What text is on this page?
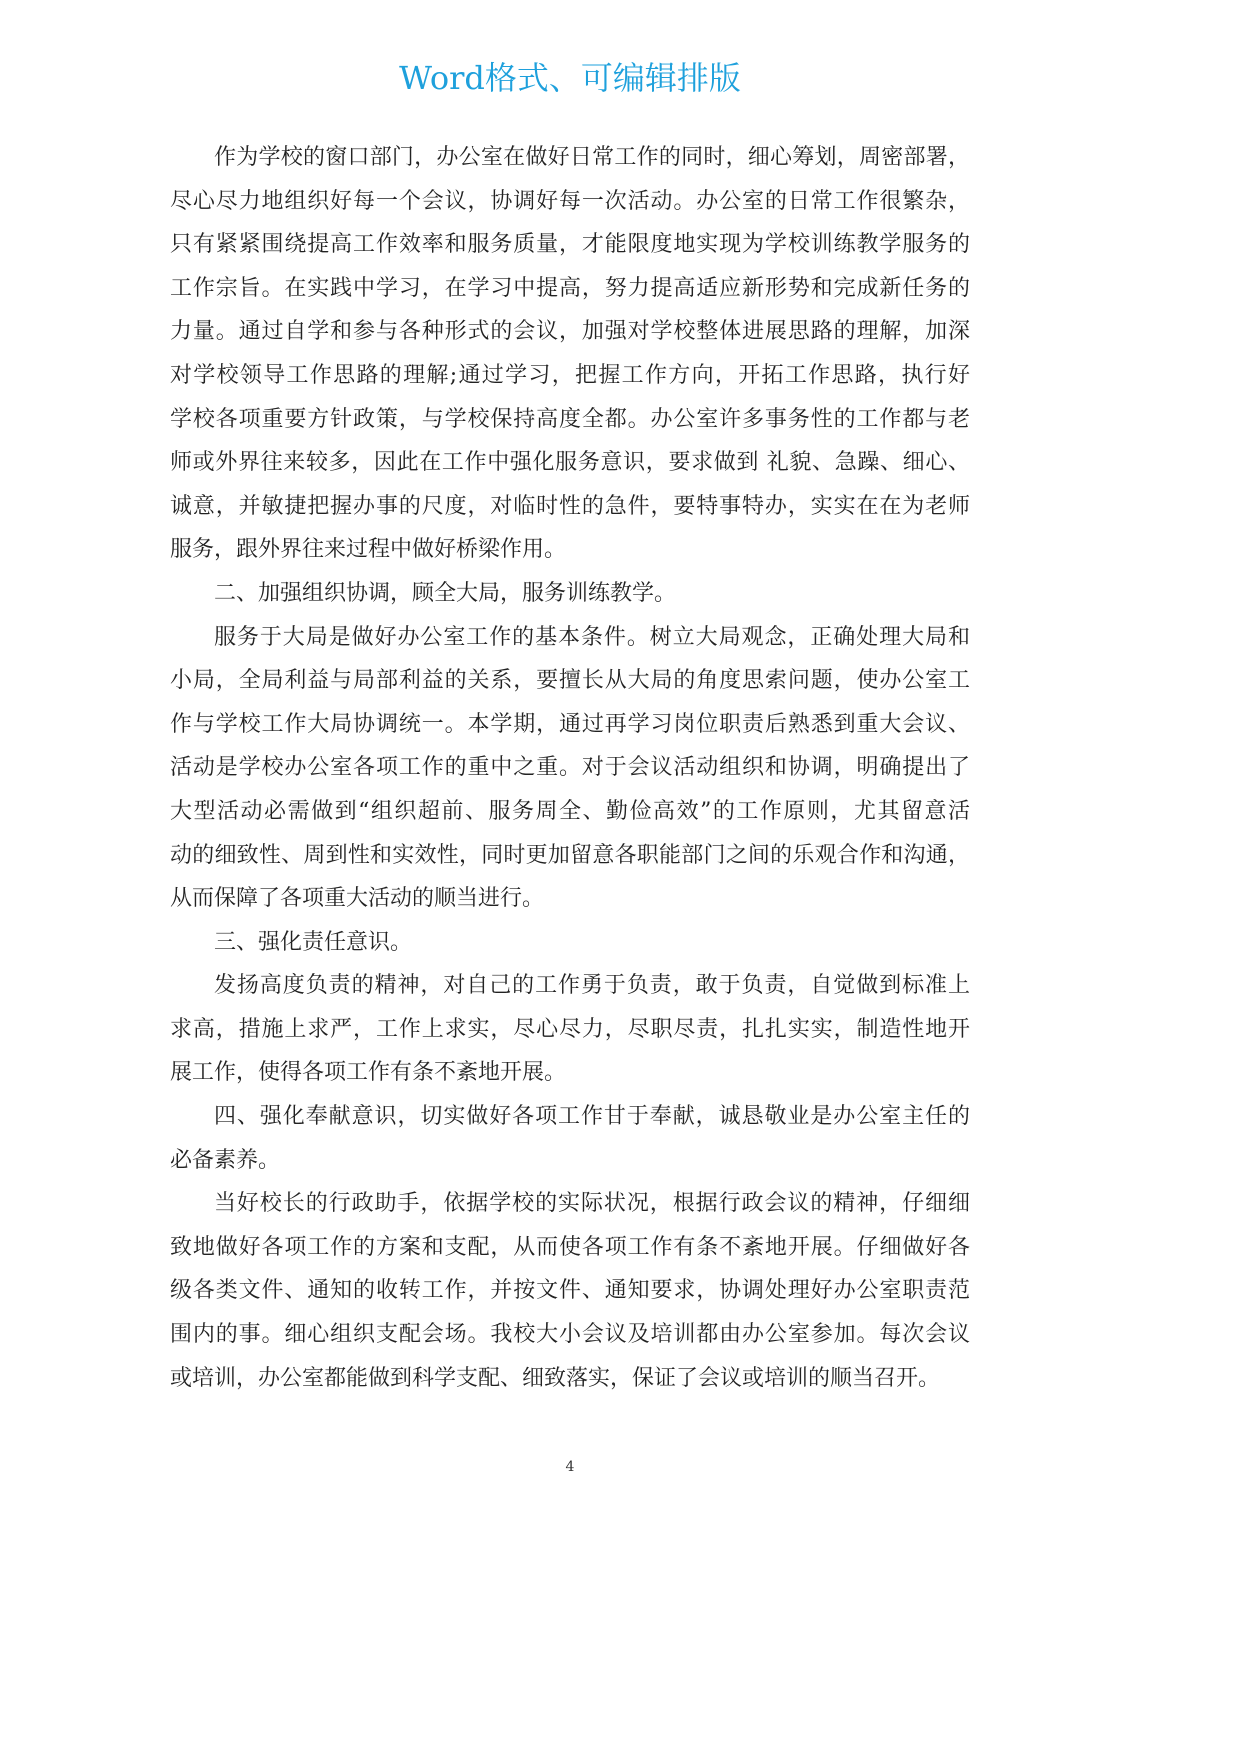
Word格式、可编辑排版
作为学校的窗口部门，办公室在做好日常工作的同时，细心筹划，周密部署，
尽心尽力地组织好每一个会议，协调好每一次活动。办公室的日常工作很繁杂，
只有紧紧围绕提高工作效率和服务质量，才能限度地实现为学校训练教学服务的
工作宗旨。在实践中学习，在学习中提高，努力提高适应新形势和完成新任务的
力量。通过自学和参与各种形式的会议，加强对学校整体进展思路的理解，加深
对学校领导工作思路的理解;通过学习，把握工作方向，开拓工作思路，执行好
学校各项重要方针政策，与学校保持高度全都。办公室许多事务性的工作都与老
师或外界往来较多，因此在工作中强化服务意识，要求做到 礼貌、急躁、细心、
诚意，并敏捷把握办事的尺度，对临时性的急件，要特事特办，实实在在为老师
服务，跟外界往来过程中做好桥梁作用。
二、加强组织协调，顾全大局，服务训练教学。
服务于大局是做好办公室工作的基本条件。树立大局观念，正确处理大局和
小局，全局利益与局部利益的关系，要擅长从大局的角度思索问题，使办公室工
作与学校工作大局协调统一。本学期，通过再学习岗位职责后熟悉到重大会议、
活动是学校办公室各项工作的重中之重。对于会议活动组织和协调，明确提出了
大型活动必需做到“组织超前、服务周全、勤俭高效”的工作原则，尤其留意活
动的细致性、周到性和实效性，同时更加留意各职能部门之间的乐观合作和沟通，
从而保障了各项重大活动的顺当进行。
三、强化责任意识。
发扬高度负责的精神，对自己的工作勇于负责，敢于负责，自觉做到标准上
求高，措施上求严，工作上求实，尽心尽力，尽职尽责，扎扎实实，制造性地开
展工作，使得各项工作有条不紊地开展。
四、强化奉献意识，切实做好各项工作甘于奉献，诚恳敬业是办公室主任的
必备素养。
当好校长的行政助手，依据学校的实际状况，根据行政会议的精神，仔细细
致地做好各项工作的方案和支配，从而使各项工作有条不紊地开展。仔细做好各
级各类文件、通知的收转工作，并按文件、通知要求，协调处理好办公室职责范
围内的事。细心组织支配会场。我校大小会议及培训都由办公室参加。每次会议
或培训，办公室都能做到科学支配、细致落实，保证了会议或培训的顺当召开。
4
